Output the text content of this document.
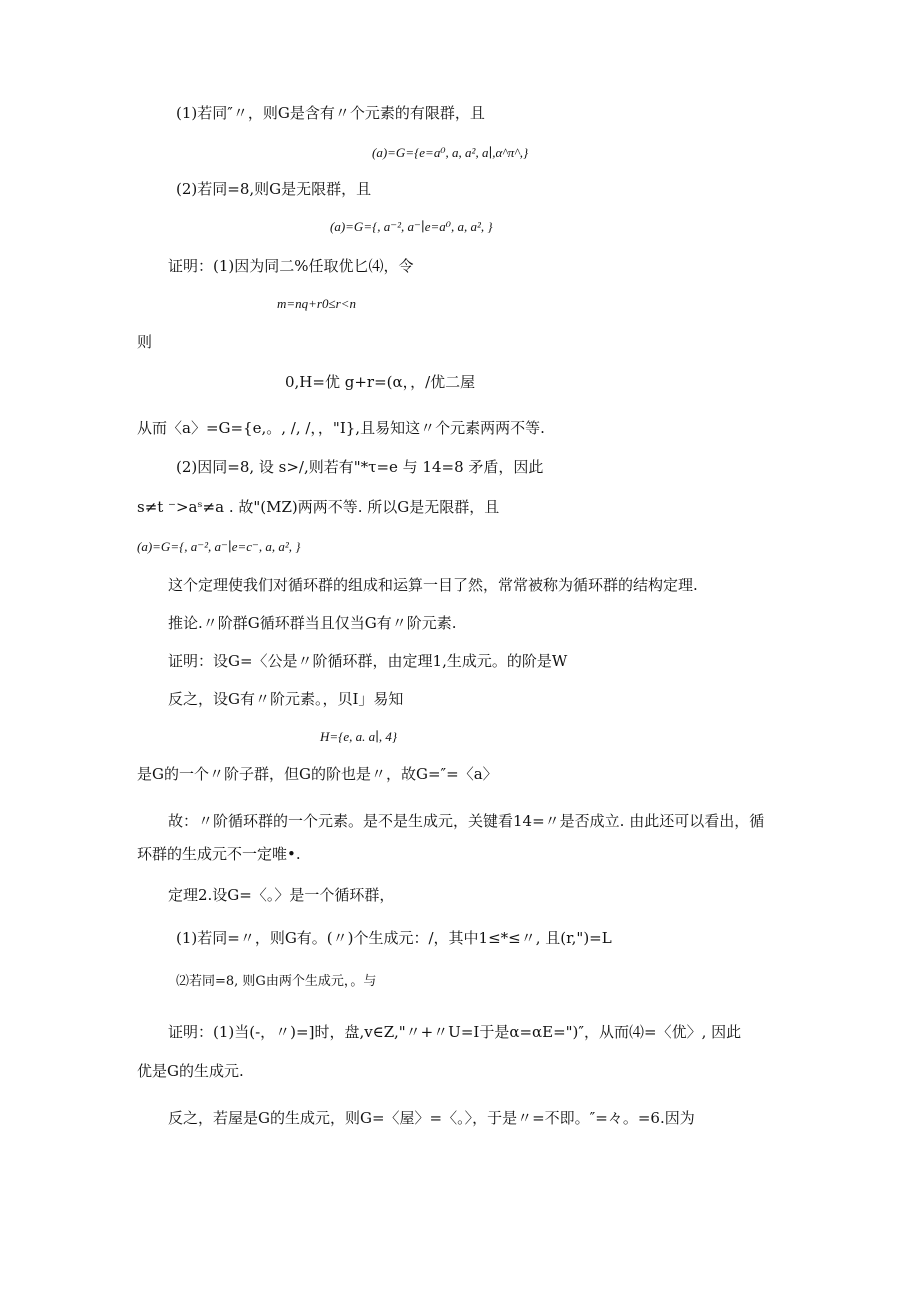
(1)若同″〃，则G是含有〃个元素的有限群，且
(a)=G={e=a⁰, a, a², a∣,α^π^,}
(2)若同=8,则G是无限群，且
(a)=G={, a⁻², a⁻∣e=a⁰, a, a², }
证明：(1)因为同二%任取优匕⑷，令
m=nq+r0≤r<n
则
0,H=优 g+r=(α，，/优二屋
从而〈a〉=G={e,。, /, /，，"I},且易知这〃个元素两两不等.
(2)因同=8, 设 s>/,则若有"*τ=e 与 14=8 矛盾，因此
s≠t ⁻>aˢ≠a . 故"(MZ)两两不等. 所以G是无限群，且
(a)=G={, a⁻², a⁻∣e=c⁻, a, a², }
这个定理使我们对循环群的组成和运算一目了然，常常被称为循环群的结构定理.
推论.〃阶群G循环群当且仅当G有〃阶元素.
证明：设G=〈公是〃阶循环群，由定理1,生成元。的阶是W
反之，设G有〃阶元素。，贝I」易知
H={e, a. a∣, 4}
是G的一个〃阶子群，但G的阶也是〃，故G=″=〈a〉
故：〃阶循环群的一个元素。是不是生成元，关键看14=〃是否成立. 由此还可以看出，循
环群的生成元不一定唯•.
定理2.设G=〈。〉是一个循环群，
(1)若同=〃，则G有。(〃)个生成元：/，其中1≤*≤〃, 且(r,")=L
⑵若同=8, 则G由两个生成元，。与
证明：(1)当(-，〃)=]时，盘,v∈Z,"〃+〃U=I于是α=αE=")″，从而⑷=〈优〉, 因此
优是G的生成元.
反之，若屋是G的生成元，则G=〈屋〉=〈。〉，于是〃=不即。″=々。=6.因为
